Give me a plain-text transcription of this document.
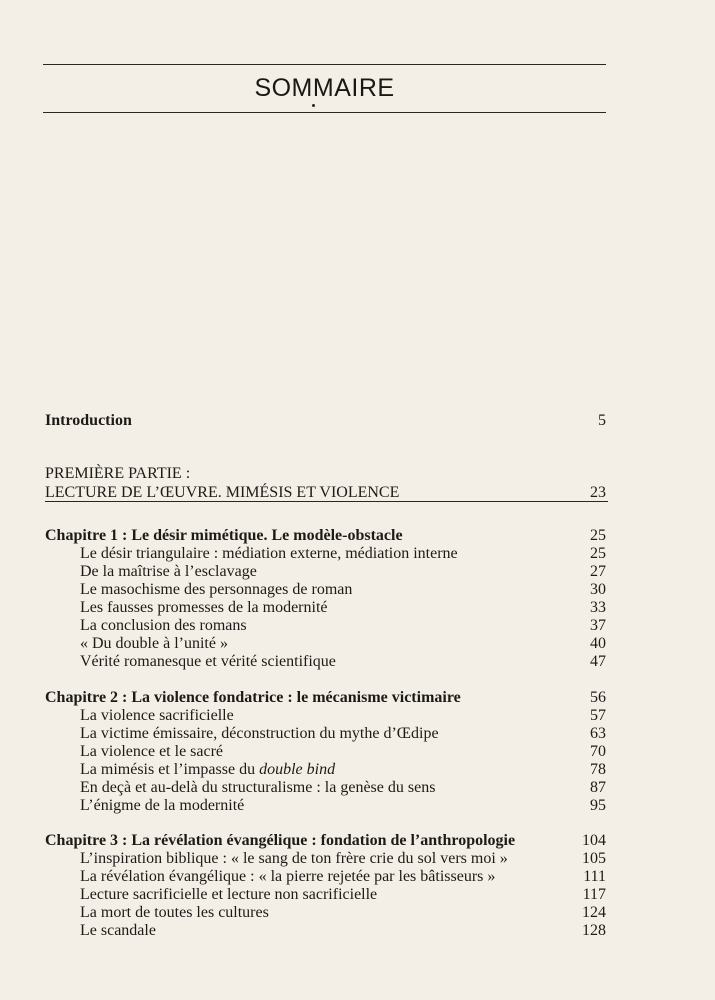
SOMMAIRE
Introduction	5
PREMIÈRE PARTIE :
LECTURE DE L’ŒUVRE. MIMÉSIS ET VIOLENCE	23
Chapitre 1 : Le désir mimétique. Le modèle-obstacle	25
Le désir triangulaire : médiation externe, médiation interne	25
De la maîtrise à l’esclavage	27
Le masochisme des personnages de roman	30
Les fausses promesses de la modernité	33
La conclusion des romans	37
« Du double à l’unité »	40
Vérité romanesque et vérité scientifique	47
Chapitre 2 : La violence fondatrice : le mécanisme victimaire	56
La violence sacrificielle	57
La victime émissaire, déconstruction du mythe d’Œdipe	63
La violence et le sacré	70
La mimésis et l’impasse du double bind	78
En deçà et au-delà du structuralisme : la genèse du sens	87
L’énigme de la modernité	95
Chapitre 3 : La révélation évangélique : fondation de l’anthropologie	104
L’inspiration biblique : « le sang de ton frère crie du sol vers moi »	105
La révélation évangélique : « la pierre rejetée par les bâtisseurs »	111
Lecture sacrificielle et lecture non sacrificielle	117
La mort de toutes les cultures	124
Le scandale	128
